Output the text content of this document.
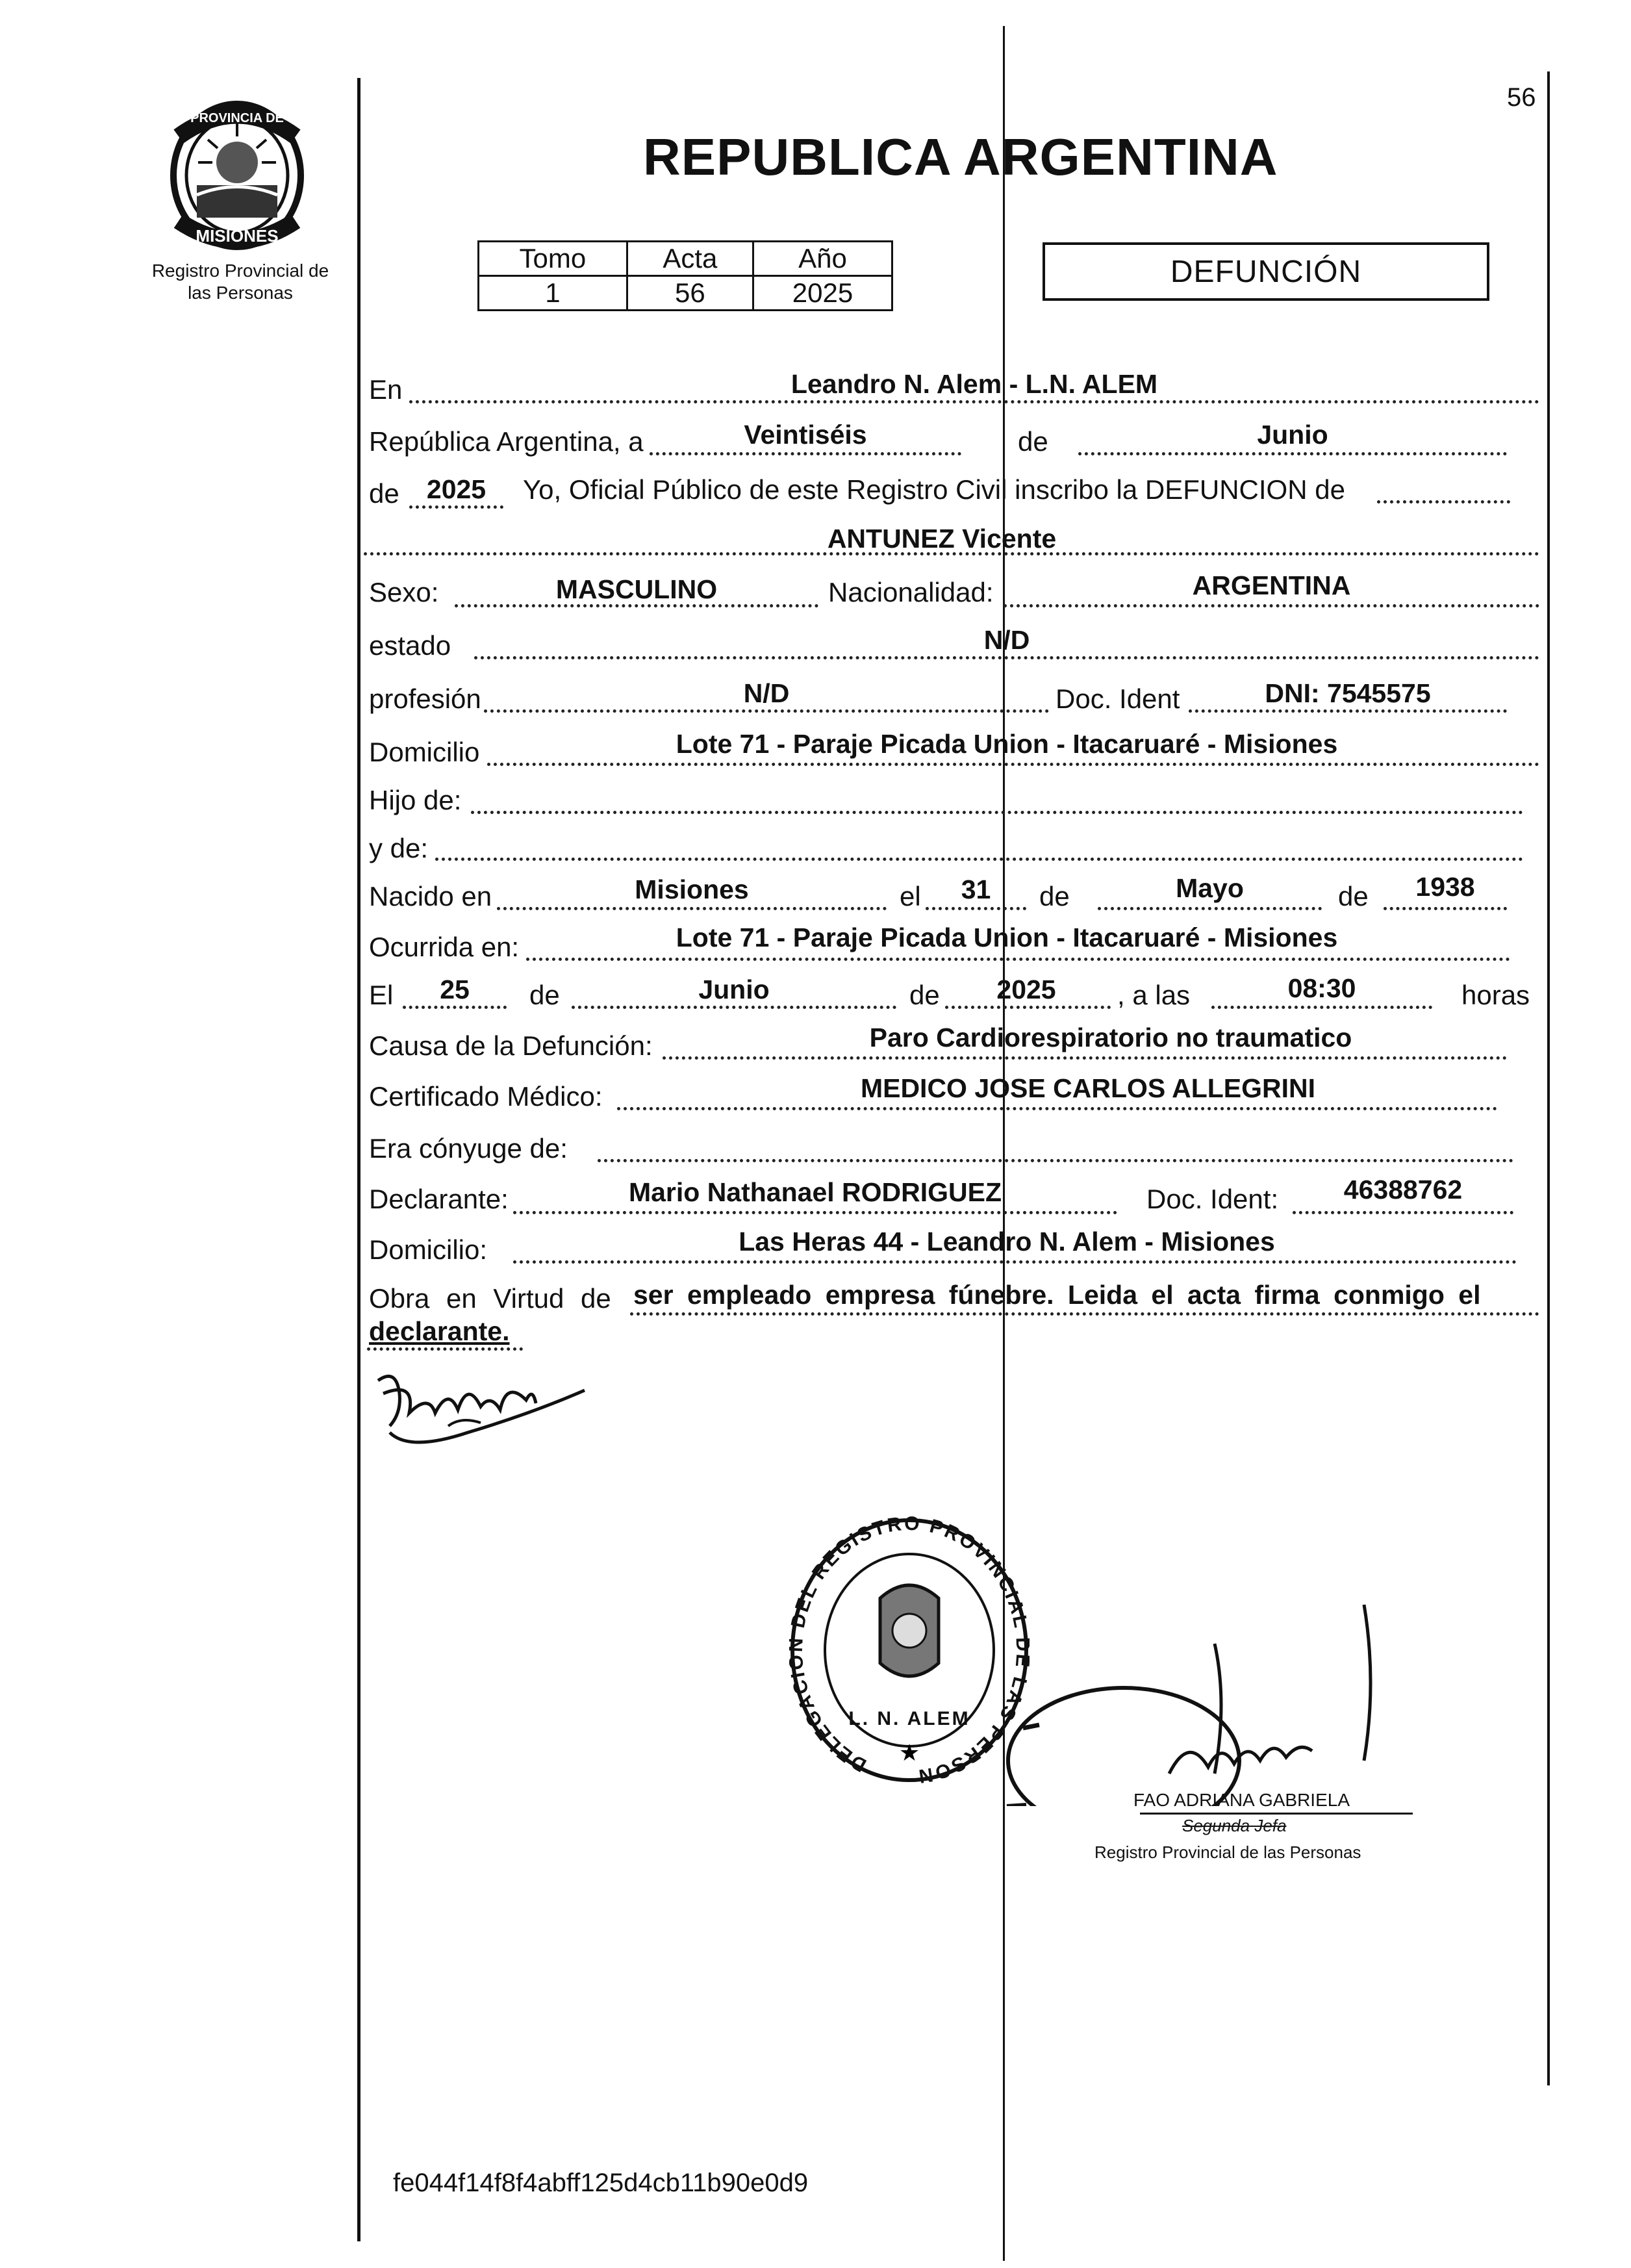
56
PROVINCIA DE
MISIONES
Registro Provincial de
las Personas
REPUBLICA ARGENTINA
Tomo	Acta	Año
1	56	2025
DEFUNCIÓN
En	Leandro N. Alem - L.N. ALEM
República Argentina, a	Veintiséis	de	Junio
de	2025	Yo, Oficial Público de este Registro Civil inscribo la DEFUNCION de
ANTUNEZ Vicente
Sexo:	MASCULINO	Nacionalidad:	ARGENTINA
estado	N/D
profesión	N/D	Doc. Ident	DNI: 7545575
Domicilio	Lote 71 - Paraje Picada Union - Itacaruaré - Misiones
Hijo de:
y de:
Nacido en	Misiones	el	31	de	Mayo	de	1938
Ocurrida en:	Lote 71 - Paraje Picada Union - Itacaruaré - Misiones
El	25	de	Junio	de	2025	, a las	08:30	horas
Causa de la Defunción:	Paro Cardiorespiratorio no traumatico
Certificado Médico:	MEDICO JOSE CARLOS ALLEGRINI
Era cónyuge de:
Declarante:	Mario Nathanael RODRIGUEZ	Doc. Ident:	46388762
Domicilio:	Las Heras 44 - Leandro N. Alem - Misiones
Obra en Virtud de ser empleado empresa fúnebre. Leida el acta firma conmigo el
declarante.
DELEGAC DEL REGISTRO PROVINCIAL LAS PERSON
L. N. ALEM
★
FAO ADRIANA GABRIELA
Segunda Jefa
Registro Provincial de las Personas
fe044f14f8f4abff125d4cb11b90e0d9
